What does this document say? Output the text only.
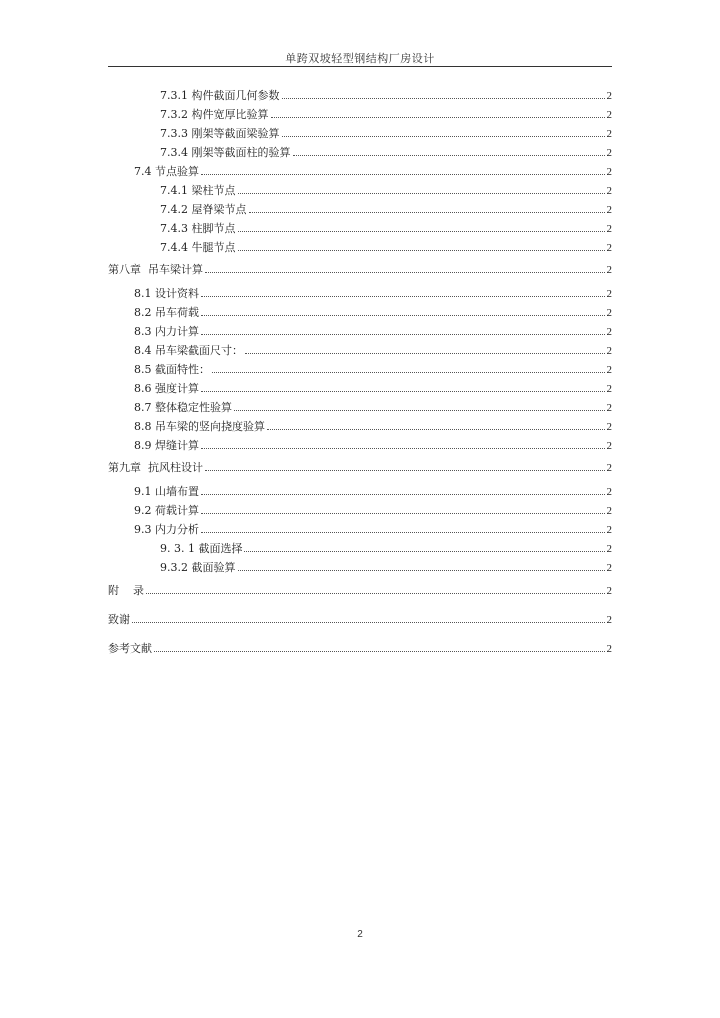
单跨双坡轻型钢结构厂房设计
7.3.1 构件截面几何参数	2
7.3.2 构件宽厚比验算	2
7.3.3 刚架等截面梁验算	2
7.3.4 刚架等截面柱的验算	2
7.4 节点验算	2
7.4.1 梁柱节点	2
7.4.2 屋脊梁节点	2
7.4.3 柱脚节点	2
7.4.4 牛腿节点	2
第八章  吊车梁计算	2
8.1 设计资料	2
8.2 吊车荷载	2
8.3 内力计算	2
8.4 吊车梁截面尺寸：	2
8.5 截面特性：	2
8.6 强度计算	2
8.7 整体稳定性验算	2
8.8 吊车梁的竖向挠度验算	2
8.9 焊缝计算	2
第九章  抗风柱设计	2
9.1 山墙布置	2
9.2 荷载计算	2
9.3 内力分析	2
9. 3. 1 截面选择	2
9.3.2 截面验算	2
附    录	2
致谢	2
参考文献	2
2
